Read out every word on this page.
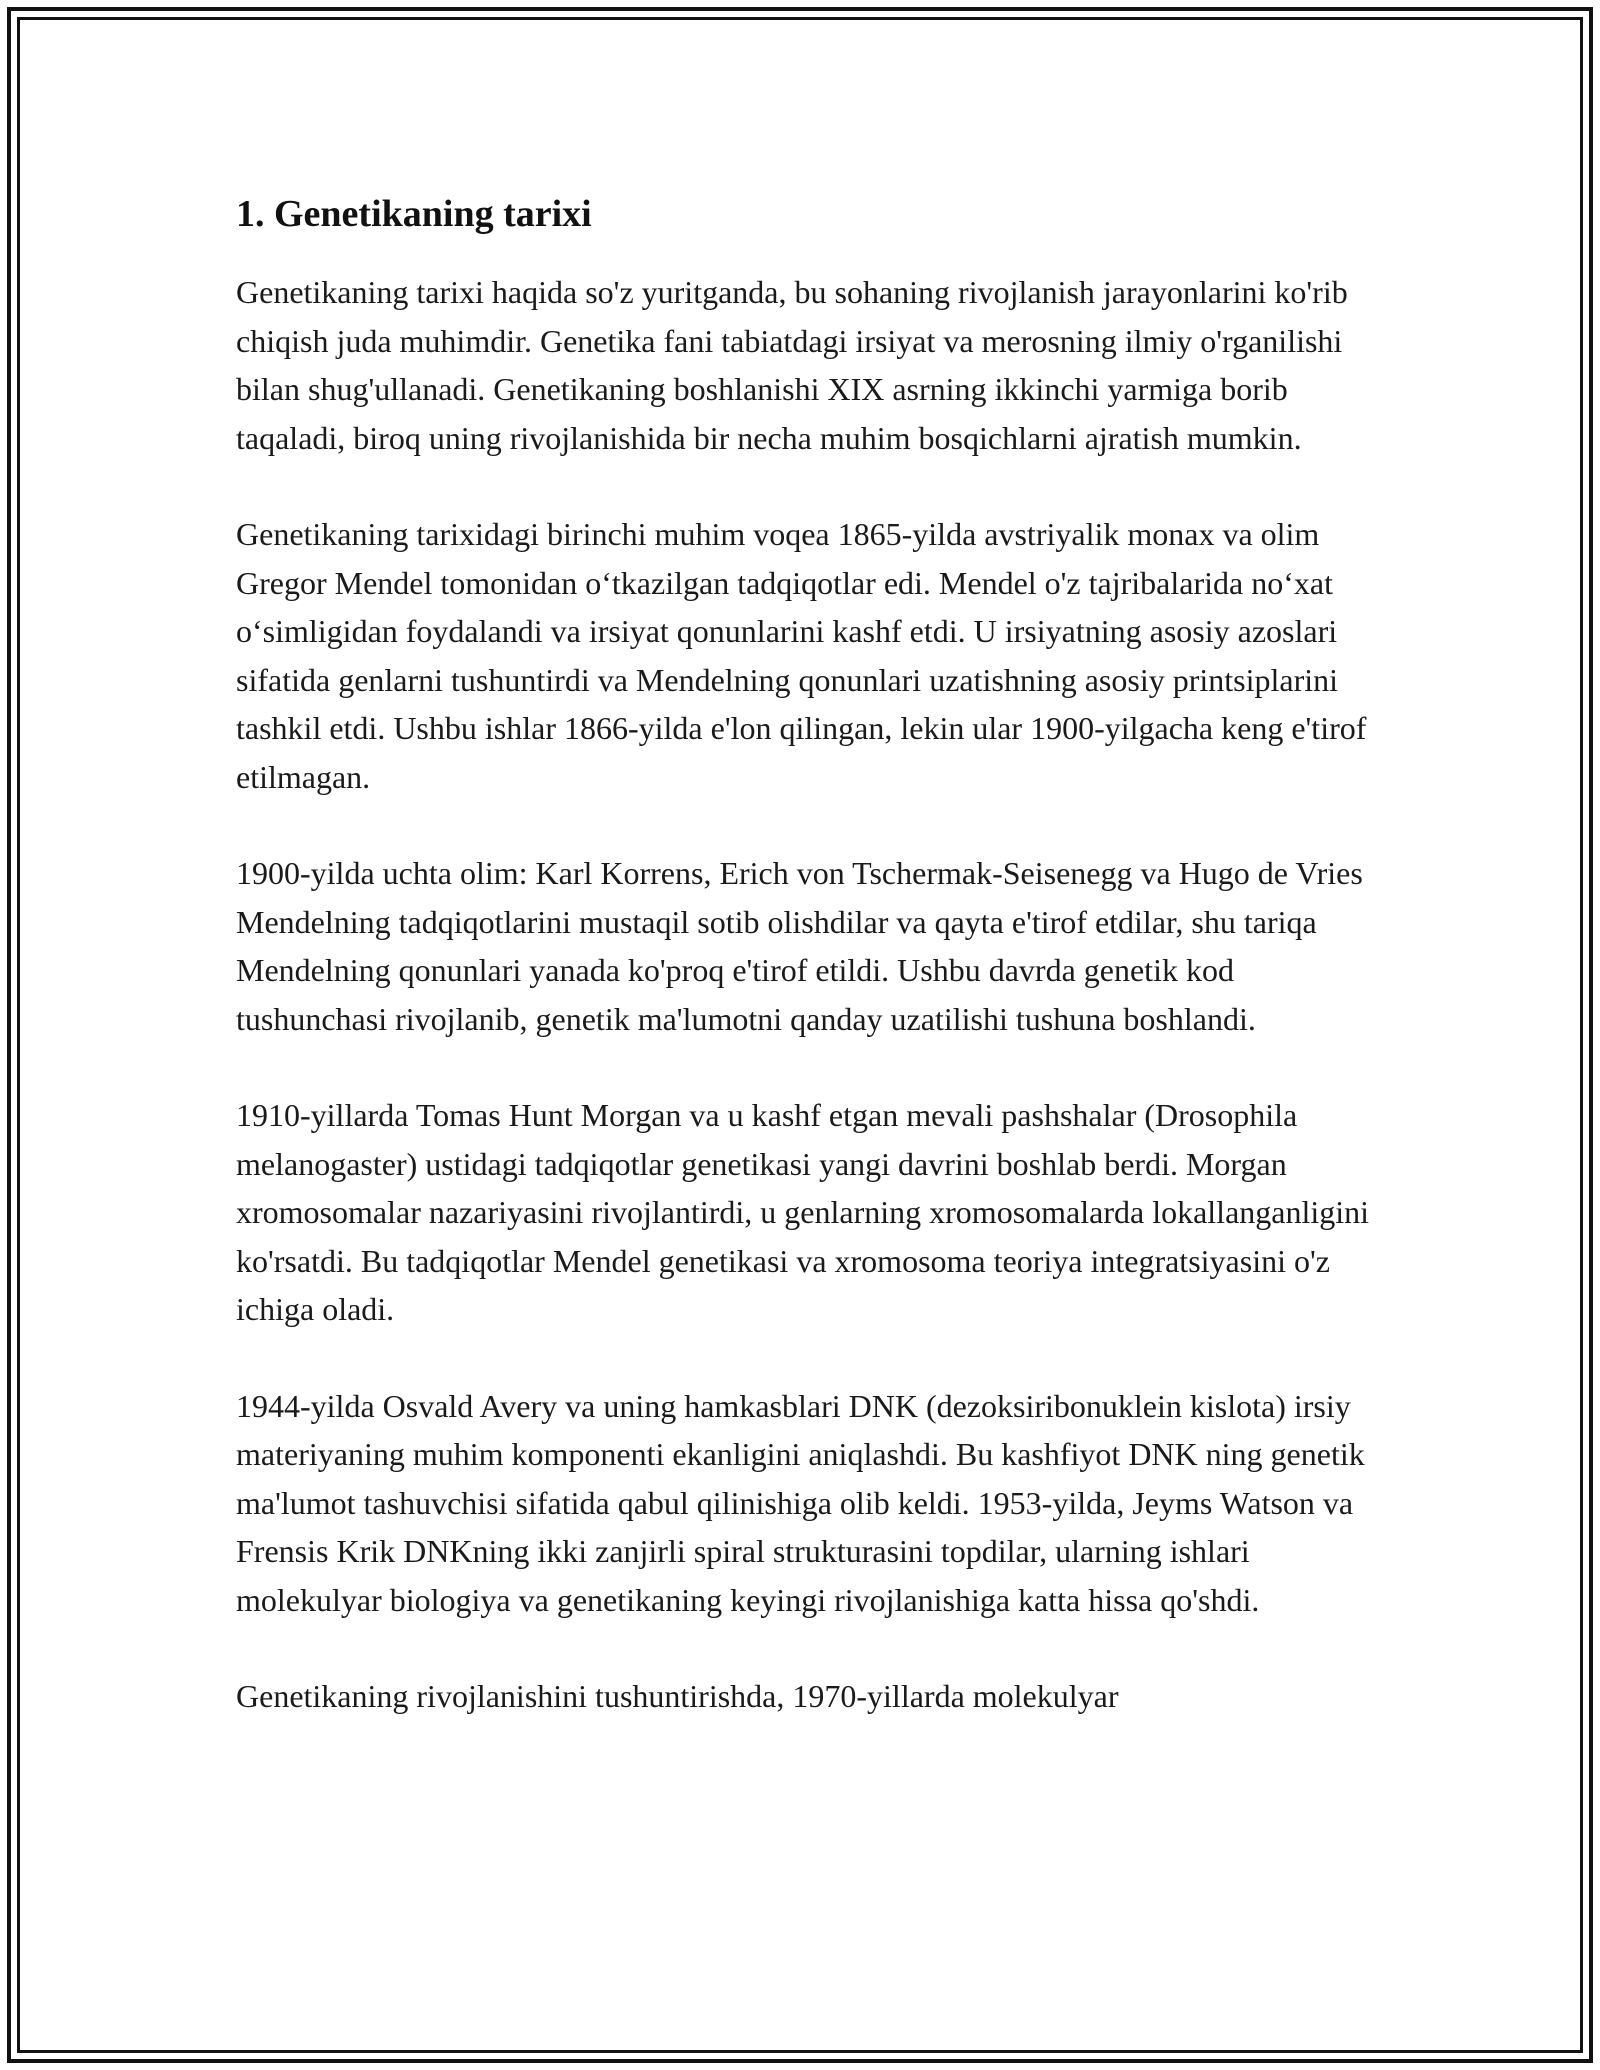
1. Genetikaning tarixi

Genetikaning tarixi haqida so'z yuritganda, bu sohaning rivojlanish jarayonlarini ko'rib chiqish juda muhimdir. Genetika fani tabiatdagi irsiyat va merosning ilmiy o'rganilishi bilan shug'ullanadi. Genetikaning boshlanishi XIX asrning ikkinchi yarmiga borib taqaladi, biroq uning rivojlanishida bir necha muhim bosqichlarni ajratish mumkin.

Genetikaning tarixidagi birinchi muhim voqea 1865-yilda avstriyalik monax va olim Gregor Mendel tomonidan o‘tkazilgan tadqiqotlar edi. Mendel o'z tajribalarida no‘xat o‘simligidan foydalandi va irsiyat qonunlarini kashf etdi. U irsiyatning asosiy azoslari sifatida genlarni tushuntirdi va Mendelning qonunlari uzatishning asosiy printsiplarini tashkil etdi. Ushbu ishlar 1866-yilda e'lon qilingan, lekin ular 1900-yilgacha keng e'tirof etilmagan.

1900-yilda uchta olim: Karl Korrens, Erich von Tschermak-Seisenegg va Hugo de Vries Mendelning tadqiqotlarini mustaqil sotib olishdilar va qayta e'tirof etdilar, shu tariqa Mendelning qonunlari yanada ko'proq e'tirof etildi. Ushbu davrda genetik kod tushunchasi rivojlanib, genetik ma'lumotni qanday uzatilishi tushuna boshlandi.

1910-yillarda Tomas Hunt Morgan va u kashf etgan mevali pashshalar (Drosophila melanogaster) ustidagi tadqiqotlar genetikasi yangi davrini boshlab berdi. Morgan xromosomalar nazariyasini rivojlantirdi, u genlarning xromosomalarda lokallanganligini ko'rsatdi. Bu tadqiqotlar Mendel genetikasi va xromosoma teoriya integratsiyasini o'z ichiga oladi.

1944-yilda Osvald Avery va uning hamkasblari DNK (dezoksiribonuklein kislota) irsiy materiyaning muhim komponenti ekanligini aniqlashdi. Bu kashfiyot DNK ning genetik ma'lumot tashuvchisi sifatida qabul qilinishiga olib keldi. 1953-yilda, Jeyms Watson va Frensis Krik DNKning ikki zanjirli spiral strukturasini topdilar, ularning ishlari molekulyar biologiya va genetikaning keyingi rivojlanishiga katta hissa qo'shdi.

Genetikaning rivojlanishini tushuntirishda, 1970-yillarda molekulyar
